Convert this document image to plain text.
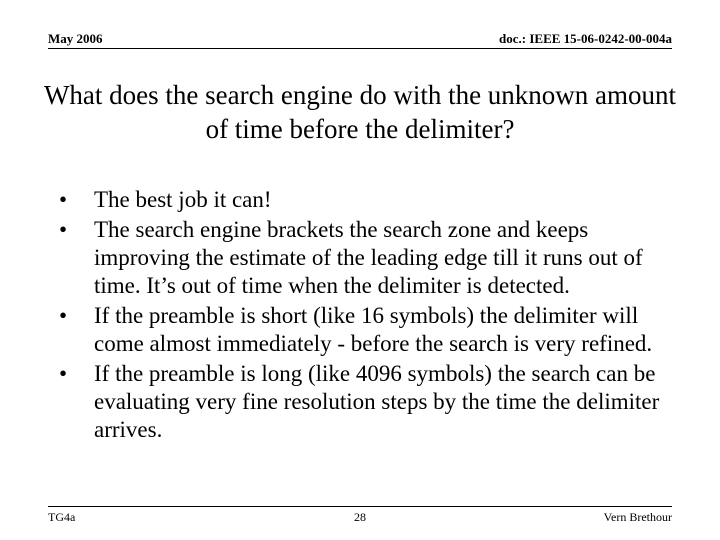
May 2006	doc.: IEEE 15-06-0242-00-004a
What does the search engine do with the unknown amount of time before the delimiter?
•	The best job it can!
•	The search engine brackets the search zone and keeps improving the estimate of the leading edge till it runs out of time. It’s out of time when the delimiter is detected.
•	If the preamble is short (like 16 symbols) the delimiter will come almost immediately - before the search is very refined.
•	If the preamble is long (like 4096 symbols) the search can be evaluating very fine resolution steps by the time the delimiter arrives.
TG4a	28	Vern Brethour
